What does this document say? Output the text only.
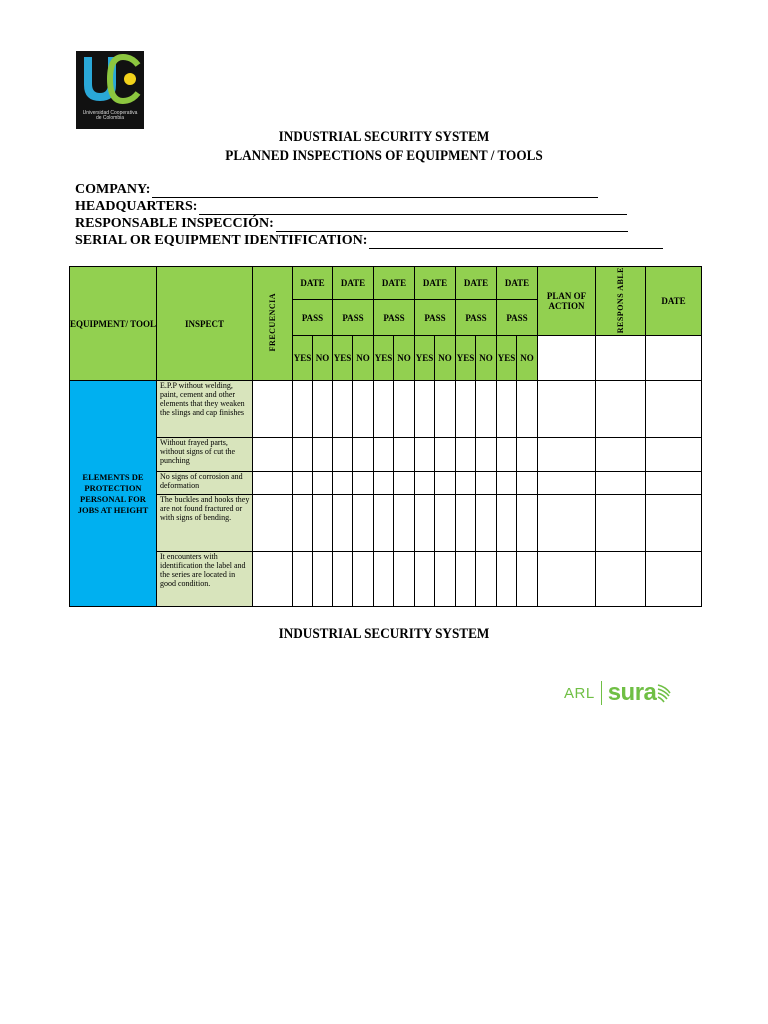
Universidad Cooperativa
de Colombia
INDUSTRIAL SECURITY SYSTEM
PLANNED INSPECTIONS OF EQUIPMENT / TOOLS
COMPANY:
HEADQUARTERS:
RESPONSABLE INSPECCIÓN:
SERIAL OR EQUIPMENT IDENTIFICATION:
EQUIPMENT/ TOOL	INSPECT	FRECUENCIA	DATE		DATE		DATE		DATE		DATE		DATE		PLAN OF ACTION	RESPONS ABLE	DATE
			PASS		PASS		PASS		PASS		PASS		PASS				
			YES	NO	YES	NO	YES	NO	YES	NO	YES	NO	YES	NO			
ELEMENTS DE PROTECTION PERSONAL FOR JOBS AT HEIGHT	E.P.P without welding, paint, cement and other elements that they weaken the slings and cap finishes																
	Without frayed parts, without signs of cut the punching																
	No signs of corrosion and deformation																
	The buckles and hooks they are not found fractured or with signs of bending.																
	It encounters with identification the label and the series are located in good condition.																
INDUSTRIAL SECURITY SYSTEM
ARL sura
